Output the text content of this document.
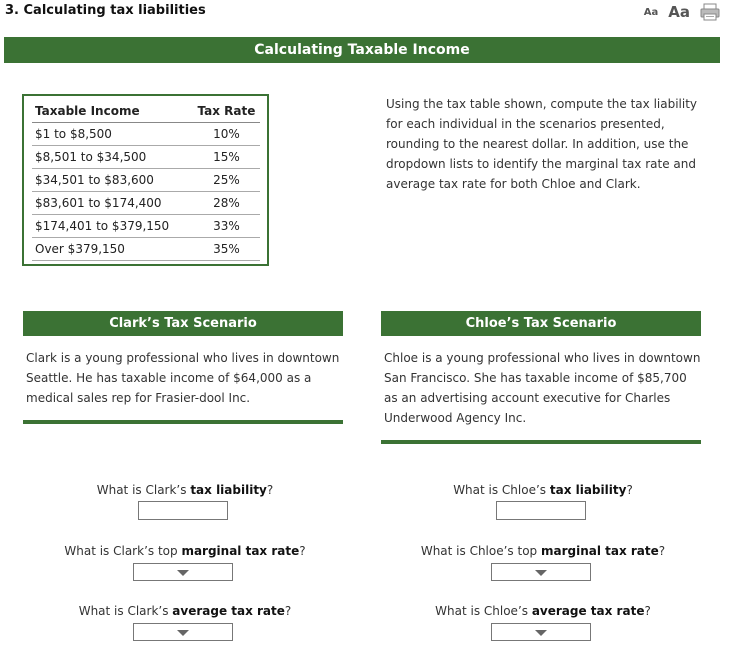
3. Calculating tax liabilities	Aa Aa
Calculating Taxable Income
Taxable Income	Tax Rate
$1 to $8,500	10%
$8,501 to $34,500	15%
$34,501 to $83,600	25%
$83,601 to $174,400	28%
$174,401 to $379,150	33%
Over $379,150	35%
Using the tax table shown, compute the tax liability for each individual in the scenarios presented, rounding to the nearest dollar. In addition, use the dropdown lists to identify the marginal tax rate and average tax rate for both Chloe and Clark.
Clark’s Tax Scenario
Clark is a young professional who lives in downtown Seattle. He has taxable income of $64,000 as a medical sales rep for Frasier-dool Inc.
Chloe’s Tax Scenario
Chloe is a young professional who lives in downtown San Francisco. She has taxable income of $85,700 as an advertising account executive for Charles Underwood Agency Inc.
What is Clark’s tax liability?
What is Clark’s top marginal tax rate?
What is Clark’s average tax rate?
What is Chloe’s tax liability?
What is Chloe’s top marginal tax rate?
What is Chloe’s average tax rate?
